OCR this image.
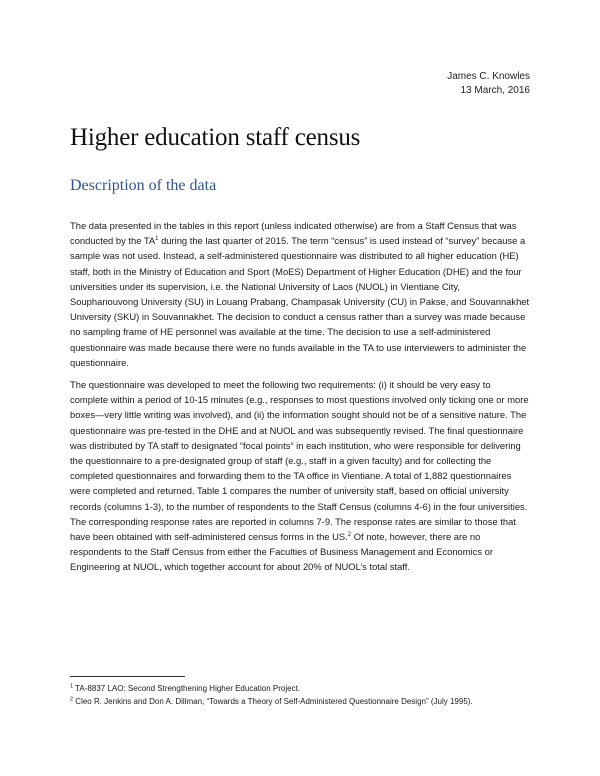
James C. Knowles
13 March, 2016
Higher education staff census
Description of the data

The data presented in the tables in this report (unless indicated otherwise) are from a Staff Census that was conducted by the $TA^1$ during the last quarter of 2015. The term “census” is used instead of “survey” because a sample was not used. Instead, a self-administered questionnaire was distributed to all higher education (HE) staff, both in the Ministry of Education and Sport (MoES) Department of Higher Education (DHE) and the four universities under its supervision, i.e. the National University of Laos (NUOL) in Vientiane City, Souphanouvong University (SU) in Louang Prabang, Champasak University (CU) in Pakse, and Souvannakhet University (SKU) in Souvannakhet. The decision to conduct a census rather than a survey was made because no sampling frame of HE personnel was available at the time. The decision to use a self-administered questionnaire was made because there were no funds available in the TA to use interviewers to administer the questionnaire.

The questionnaire was developed to meet the following two requirements: (i) it should be very easy to complete within a period of 10-15 minutes (e.g., responses to most questions involved only ticking one or more boxes—very little writing was involved), and (ii) the information sought should not be of a sensitive nature. The questionnaire was pre-tested in the DHE and at NUOL and was subsequently revised. The final questionnaire was distributed by TA staff to designated “focal points” in each institution, who were responsible for delivering the questionnaire to a pre-designated group of staff (e.g., staff in a given faculty) and for collecting the completed questionnaires and forwarding them to the TA office in Vientiane. A total of 1,882 questionnaires were completed and returned. Table 1 compares the number of university staff, based on official university records (columns 1-3), to the number of respondents to the Staff Census (columns 4-6) in the four universities. The corresponding response rates are reported in columns 7-9. The response rates are similar to those that have been obtained with self-administered census forms in the US.$^2$ Of note, however, there are no respondents to the Staff Census from either the Faculties of Business Management and Economics or Engineering at NUOL, which together account for about 20% of NUOL’s total staff.

$^1$ TA-8837 LAO: Second Strengthening Higher Education Project.

$^2$ Cleo R. Jenkins and Don A. Dillman, “Towards a Theory of Self-Administered Questionnaire Design” (July 1995).
